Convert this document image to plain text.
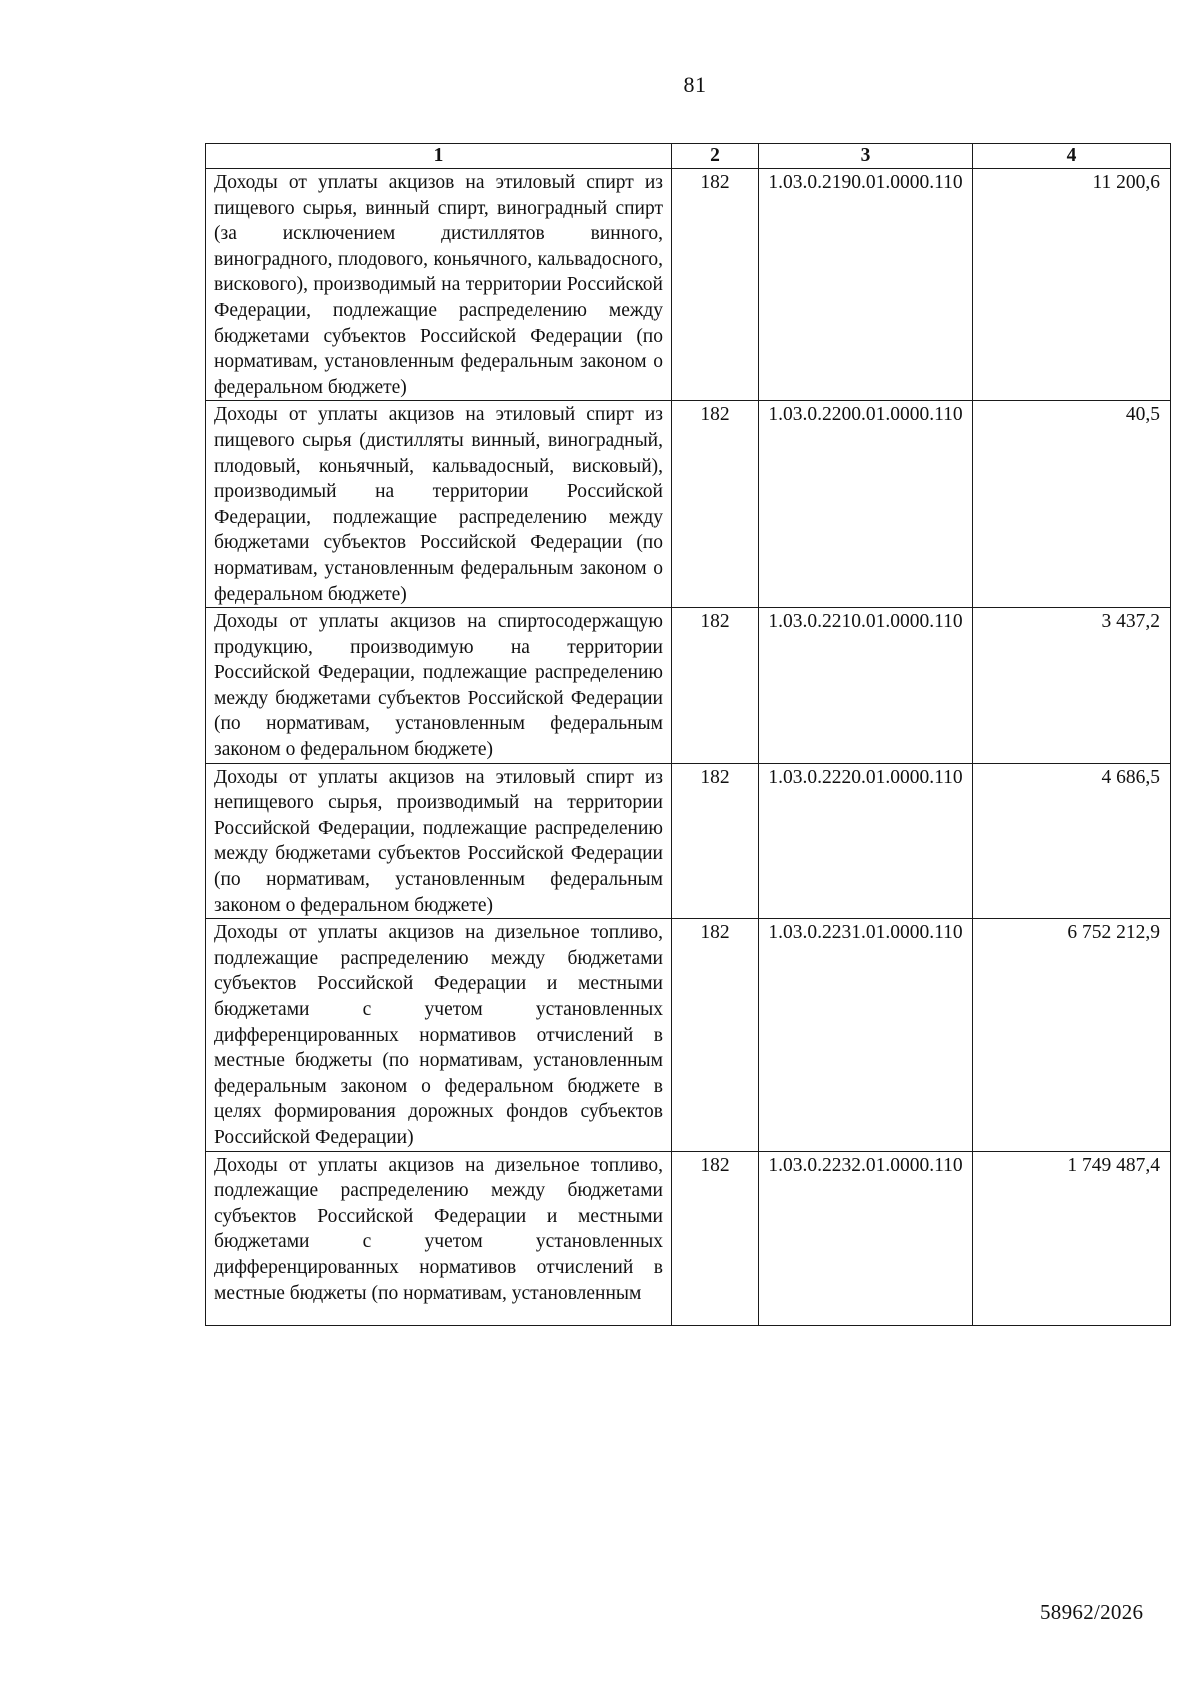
81
1	2	3	4
Доходы от уплаты акцизов на этиловый спирт из пищевого сырья, винный спирт, виноградный спирт (за исключением дистиллятов винного, виноградного, плодового, коньячного, кальвадосного, вискового), производимый на территории Российской Федерации, подлежащие распределению между бюджетами субъектов Российской Федерации (по нормативам, установленным федеральным законом о федеральном бюджете)	182	1.03.0.2190.01.0000.110	11 200,6
Доходы от уплаты акцизов на этиловый спирт из пищевого сырья (дистилляты винный, виноградный, плодовый, коньячный, кальвадосный, висковый), производимый на территории Российской Федерации, подлежащие распределению между бюджетами субъектов Российской Федерации (по нормативам, установленным федеральным законом о федеральном бюджете)	182	1.03.0.2200.01.0000.110	40,5
Доходы от уплаты акцизов на спиртосодержащую продукцию, производимую на территории Российской Федерации, подлежащие распределению между бюджетами субъектов Российской Федерации (по нормативам, установленным федеральным законом о федеральном бюджете)	182	1.03.0.2210.01.0000.110	3 437,2
Доходы от уплаты акцизов на этиловый спирт из непищевого сырья, производимый на территории Российской Федерации, подлежащие распределению между бюджетами субъектов Российской Федерации (по нормативам, установленным федеральным законом о федеральном бюджете)	182	1.03.0.2220.01.0000.110	4 686,5
Доходы от уплаты акцизов на дизельное топливо, подлежащие распределению между бюджетами субъектов Российской Федерации и местными бюджетами с учетом установленных дифференцированных нормативов отчислений в местные бюджеты (по нормативам, установленным федеральным законом о федеральном бюджете в целях формирования дорожных фондов субъектов Российской Федерации)	182	1.03.0.2231.01.0000.110	6 752 212,9

Доходы от уплаты акцизов на дизельное топливо, подлежащие распределению между бюджетами субъектов Российской Федерации и местными бюджетами с учетом установленных дифференцированных нормативов отчислений в местные бюджеты (по нормативам, установленным	182	1.03.0.2232.01.0000.110	1 749 487,4
58962/2026
